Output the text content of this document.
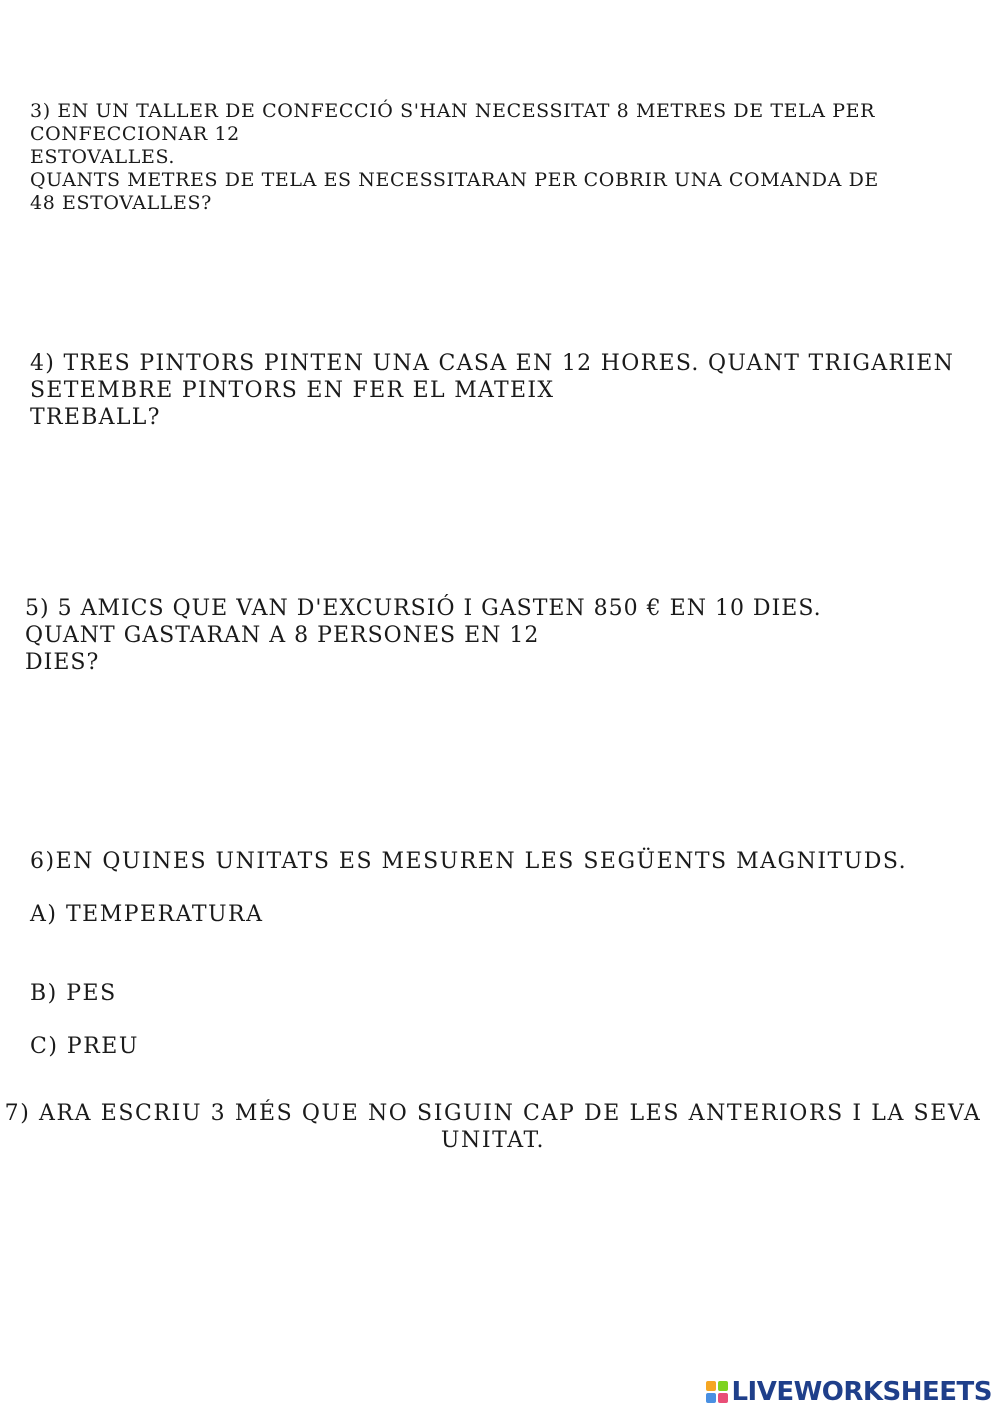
3) EN UN TALLER DE CONFECCIÓ S'HAN NECESSITAT 8 METRES DE TELA PER
CONFECCIONAR 12
ESTOVALLES.
QUANTS METRES DE TELA ES NECESSITARAN PER COBRIR UNA COMANDA DE
48 ESTOVALLES?
4) TRES PINTORS PINTEN UNA CASA EN 12 HORES. QUANT TRIGARIEN
SETEMBRE PINTORS EN FER EL MATEIX
TREBALL?
5) 5 AMICS QUE VAN D'EXCURSIÓ I GASTEN 850 € EN 10 DIES.
QUANT GASTARAN A 8 PERSONES EN 12
DIES?
6)EN QUINES UNITATS ES MESUREN LES SEGÜENTS MAGNITUDS.
A) TEMPERATURA
B) PES
C) PREU
7) ARA ESCRIU 3 MÉS QUE NO SIGUIN CAP DE LES ANTERIORS I LA SEVA
UNITAT.
LIVEWORKSHEETS
